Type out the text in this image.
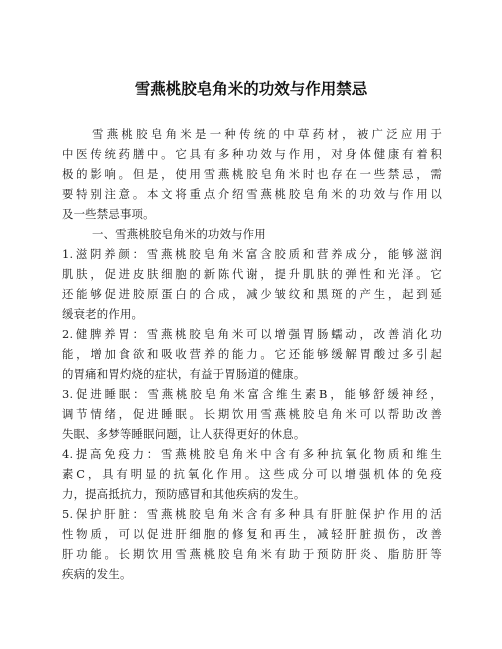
雪燕桃胶皂角米的功效与作用禁忌
雪燕桃胶皂角米是一种传统的中草药材，被广泛应用于
中医传统药膳中。它具有多种功效与作用，对身体健康有着积
极的影响。但是，使用雪燕桃胶皂角米时也存在一些禁忌，需
要特别注意。本文将重点介绍雪燕桃胶皂角米的功效与作用以
及一些禁忌事项。
一、雪燕桃胶皂角米的功效与作用
1.滋阴养颜：雪燕桃胶皂角米富含胶质和营养成分，能够滋润
肌肤，促进皮肤细胞的新陈代谢，提升肌肤的弹性和光泽。它
还能够促进胶原蛋白的合成，减少皱纹和黑斑的产生，起到延
缓衰老的作用。
2.健脾养胃：雪燕桃胶皂角米可以增强胃肠蠕动，改善消化功
能，增加食欲和吸收营养的能力。它还能够缓解胃酸过多引起
的胃痛和胃灼烧的症状，有益于胃肠道的健康。
3.促进睡眠：雪燕桃胶皂角米富含维生素B，能够舒缓神经，
调节情绪，促进睡眠。长期饮用雪燕桃胶皂角米可以帮助改善
失眠、多梦等睡眠问题，让人获得更好的休息。
4.提高免疫力：雪燕桃胶皂角米中含有多种抗氧化物质和维生
素C，具有明显的抗氧化作用。这些成分可以增强机体的免疫
力，提高抵抗力，预防感冒和其他疾病的发生。
5.保护肝脏：雪燕桃胶皂角米含有多种具有肝脏保护作用的活
性物质，可以促进肝细胞的修复和再生，减轻肝脏损伤，改善
肝功能。长期饮用雪燕桃胶皂角米有助于预防肝炎、脂肪肝等
疾病的发生。
